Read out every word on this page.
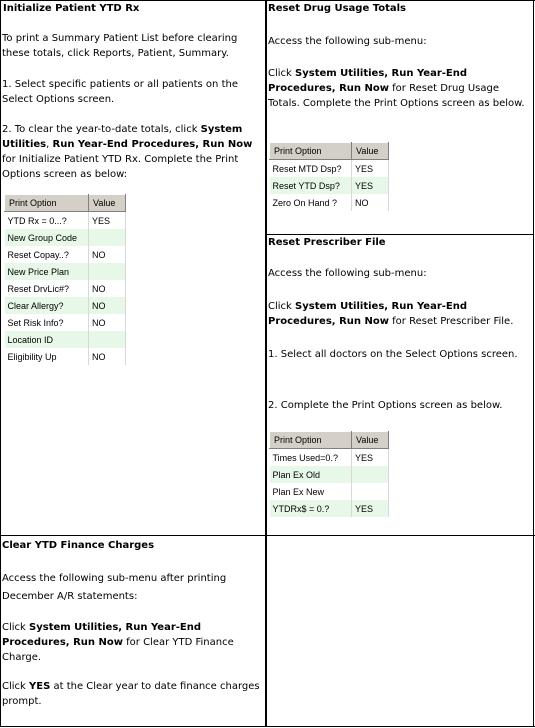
Initialize Patient YTD Rx
To print a Summary Patient List before clearing these totals, click Reports, Patient, Summary.
1. Select specific patients or all patients on the Select Options screen.
2. To clear the year-to-date totals, click System Utilities, Run Year-End Procedures, Run Now for Initialize Patient YTD Rx. Complete the Print Options screen as below:
Print Option	Value
YTD Rx = 0...?	YES
New Group Code	
Reset Copay..?	NO
New Price Plan	
Reset DrvLic#?	NO
Clear Allergy?	NO
Set Risk Info?	NO
Location ID	
Eligibility Up	NO
Reset Drug Usage Totals
Access the following sub-menu:
Click System Utilities, Run Year-End Procedures, Run Now for Reset Drug Usage Totals. Complete the Print Options screen as below.
Print Option	Value
Reset MTD Dsp?	YES
Reset YTD Dsp?	YES
Zero On Hand ?	NO
Reset Prescriber File
Access the following sub-menu:
Click System Utilities, Run Year-End Procedures, Run Now for Reset Prescriber File.
1. Select all doctors on the Select Options screen.
2. Complete the Print Options screen as below.
Print Option	Value
Times Used=0.?	YES
Plan Ex Old	
Plan Ex New	
YTDRx$ = 0.?	YES
Clear YTD Finance Charges
Access the following sub-menu after printing December A/R statements:
Click System Utilities, Run Year-End Procedures, Run Now for Clear YTD Finance Charge.
Click YES at the Clear year to date finance charges prompt.
